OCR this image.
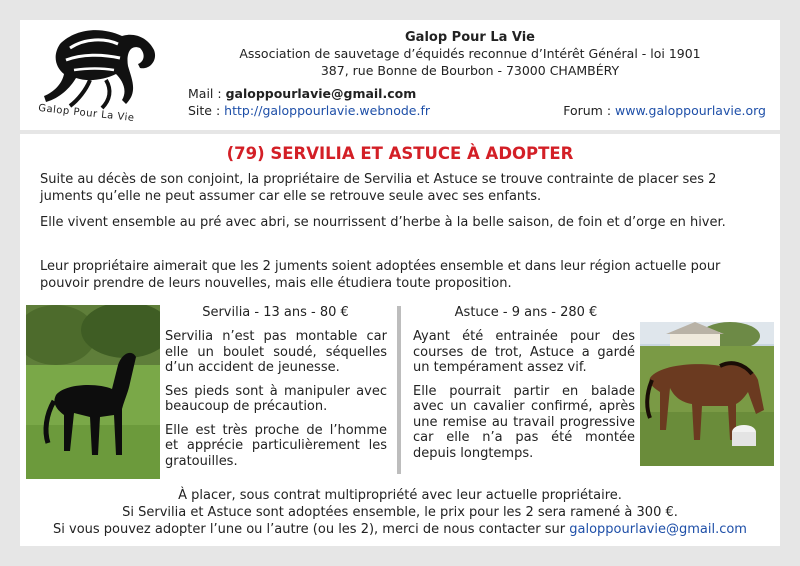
Galop Pour La Vie
Galop Pour La Vie
Association de sauvetage d’équidés reconnue d’Intérêt Général - loi 1901
387, rue Bonne de Bourbon - 73000 CHAMBÉRY
Mail : galoppourlavie@gmail.com
Site : http://galoppourlavie.webnode.fr	Forum : www.galoppourlavie.org
(79) SERVILIA ET ASTUCE À ADOPTER
Suite au décès de son conjoint, la propriétaire de Servilia et Astuce se trouve contrainte de placer ses 2 juments qu’elle ne peut assumer car elle se retrouve seule avec ses enfants.
Elle vivent ensemble au pré avec abri, se nourrissent d’herbe à la belle saison, de foin et d’orge en hiver.
Leur propriétaire aimerait que les 2 juments soient adoptées ensemble et dans leur région actuelle pour pouvoir prendre de leurs nouvelles, mais elle étudiera toute proposition.
Servilia - 13 ans - 80 €

Servilia n’est pas montable car elle un boulet soudé, séquelles d’un accident de jeunesse.

Ses pieds sont à manipuler avec beaucoup de précaution.

Elle est très proche de l’homme et apprécie particulièrement les gratouilles.

Astuce - 9 ans - 280 €

Ayant été entrainée pour des courses de trot, Astuce a gardé un tempérament assez vif.

Elle pourrait partir en balade avec un cavalier confirmé, après une remise au travail progressive car elle n’a pas été montée depuis longtemps.

À placer, sous contrat multipropriété avec leur actuelle propriétaire.
Si Servilia et Astuce sont adoptées ensemble, le prix pour les 2 sera ramené à 300 €.
Si vous pouvez adopter l’une ou l’autre (ou les 2), merci de nous contacter sur galoppourlavie@gmail.com
